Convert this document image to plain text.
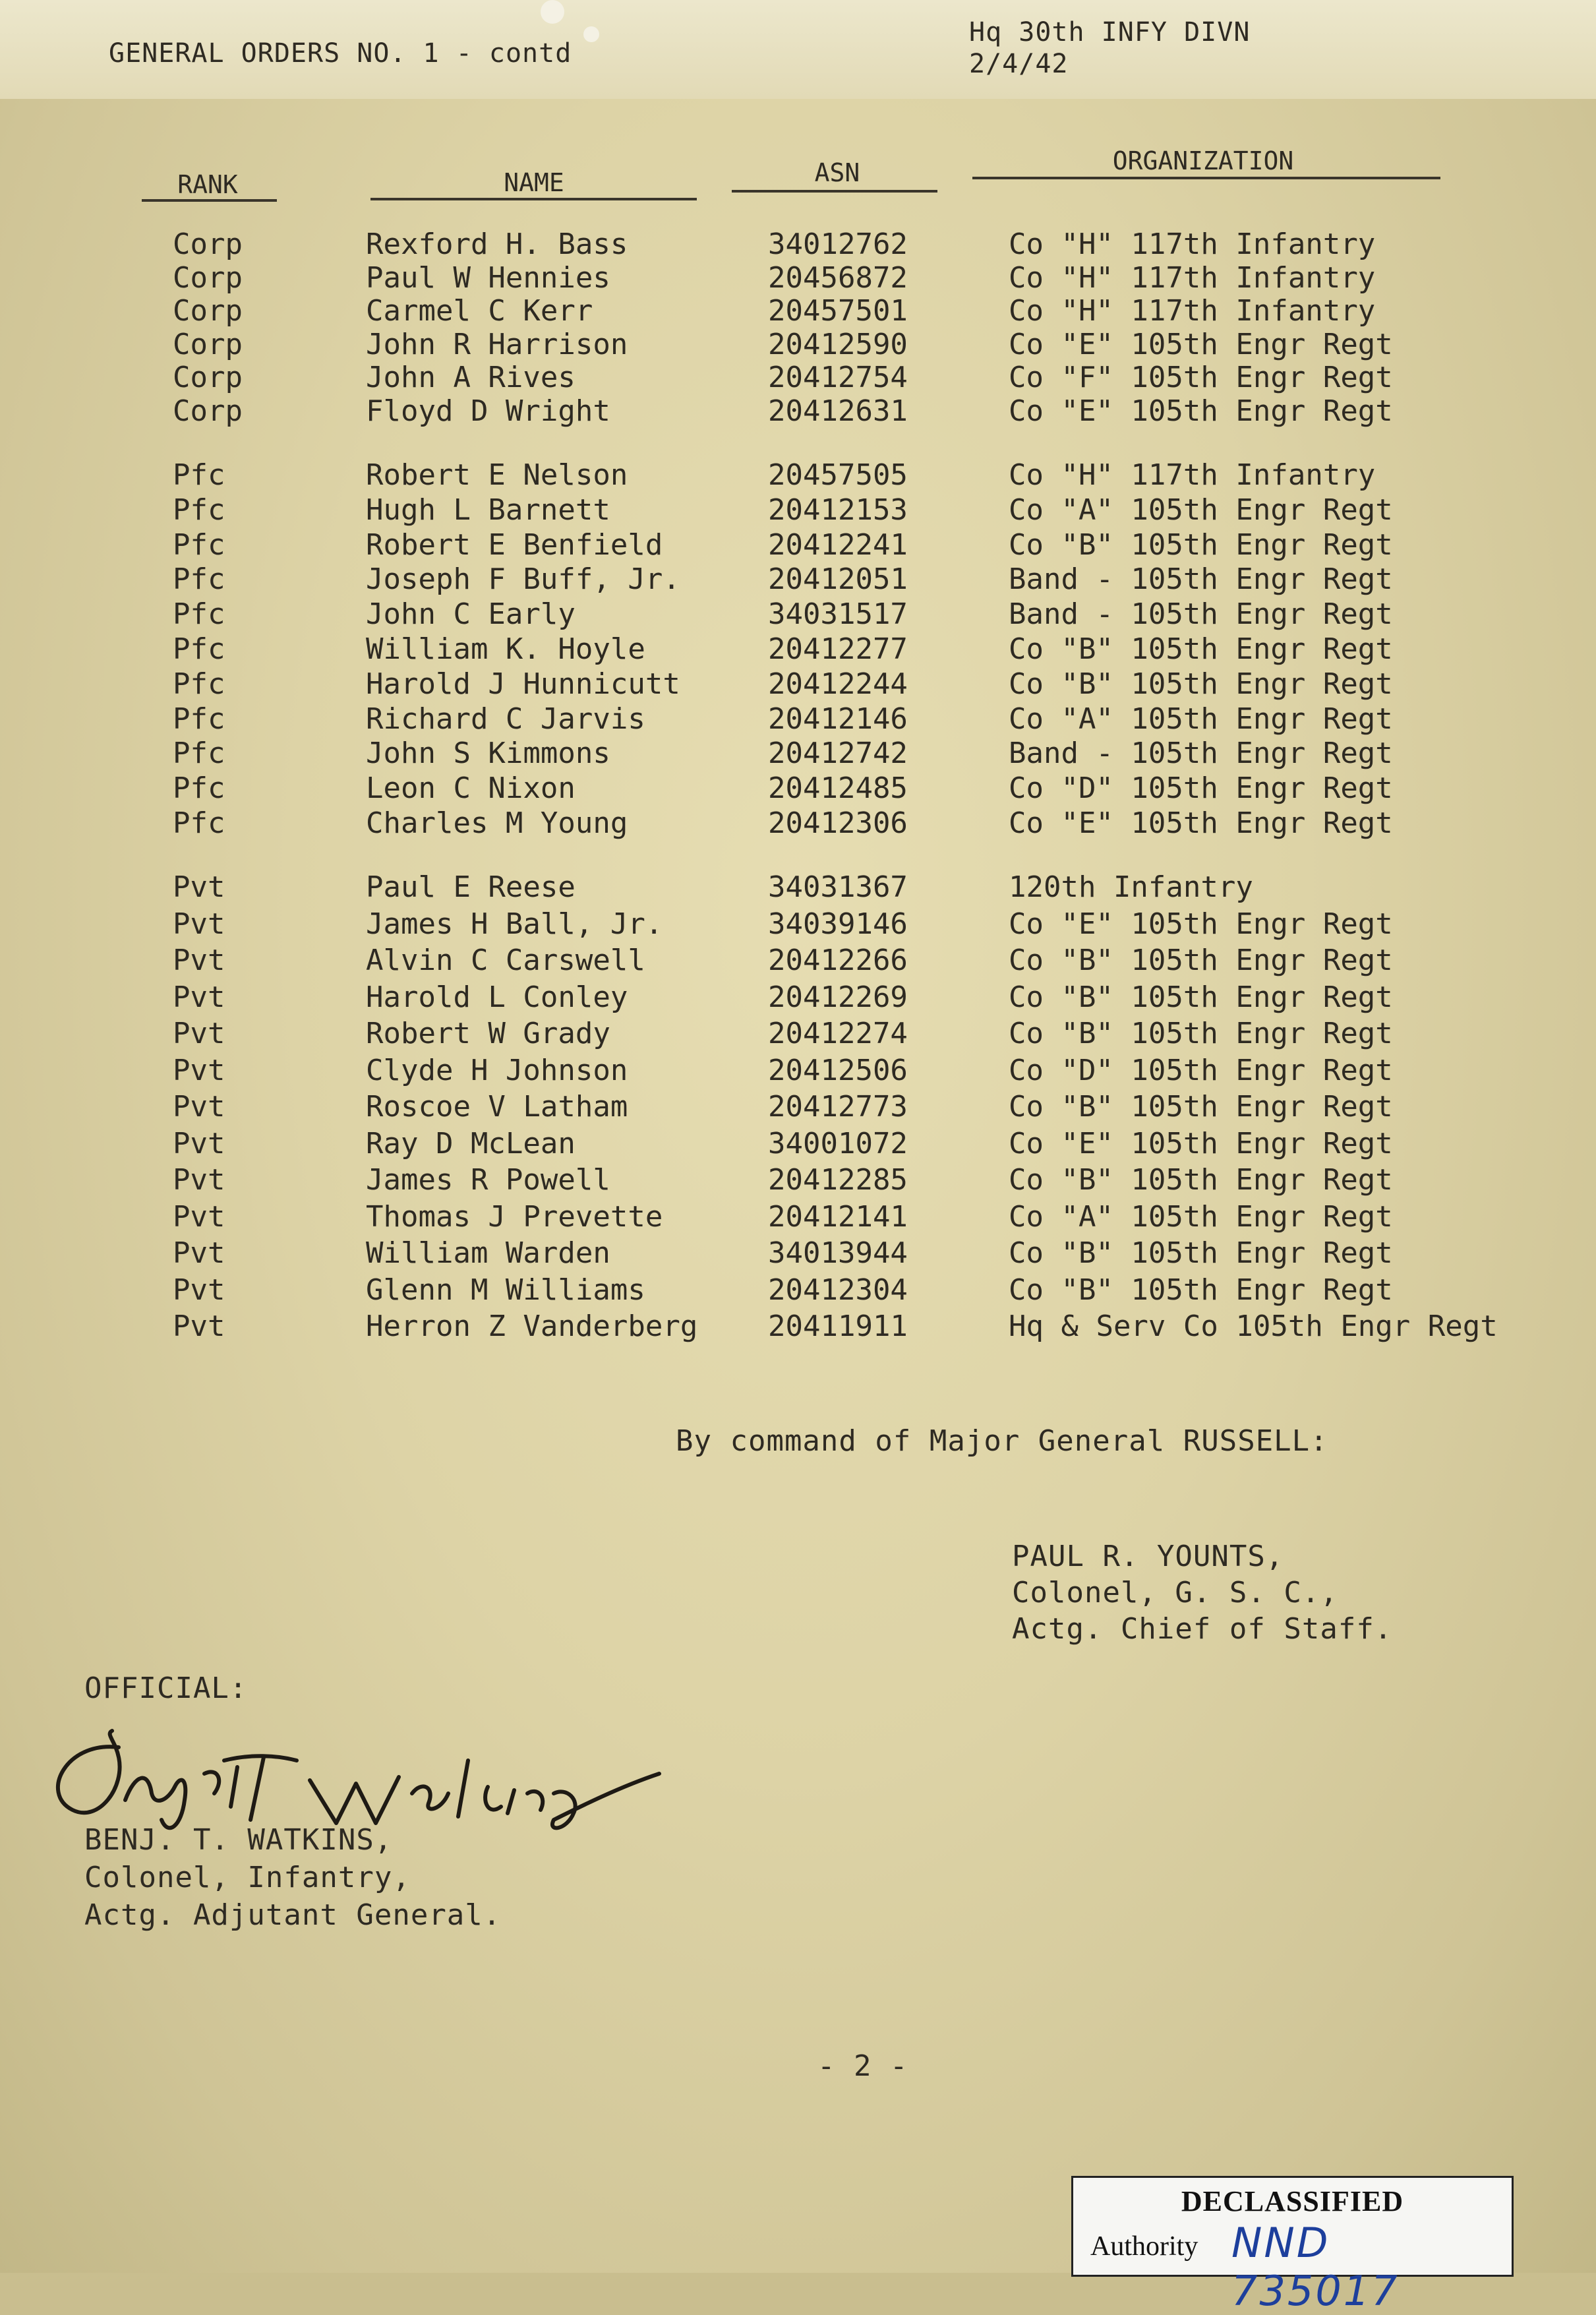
GENERAL ORDERS NO. 1 - contd
Hq 30th INFY DIVN
2/4/42
RANK	NAME	ASN	ORGANIZATION
Corp	Rexford H. Bass	34012762	Co "H" 117th Infantry
Corp	Paul W Hennies	20456872	Co "H" 117th Infantry
Corp	Carmel C Kerr	20457501	Co "H" 117th Infantry
Corp	John R Harrison	20412590	Co "E" 105th Engr Regt
Corp	John A Rives	20412754	Co "F" 105th Engr Regt
Corp	Floyd D Wright	20412631	Co "E" 105th Engr Regt
Pfc	Robert E Nelson	20457505	Co "H" 117th Infantry
Pfc	Hugh L Barnett	20412153	Co "A" 105th Engr Regt
Pfc	Robert E Benfield	20412241	Co "B" 105th Engr Regt
Pfc	Joseph F Buff, Jr.	20412051	Band - 105th Engr Regt
Pfc	John C Early	34031517	Band - 105th Engr Regt
Pfc	William K. Hoyle	20412277	Co "B" 105th Engr Regt
Pfc	Harold J Hunnicutt	20412244	Co "B" 105th Engr Regt
Pfc	Richard C Jarvis	20412146	Co "A" 105th Engr Regt
Pfc	John S Kimmons	20412742	Band - 105th Engr Regt
Pfc	Leon C Nixon	20412485	Co "D" 105th Engr Regt
Pfc	Charles M Young	20412306	Co "E" 105th Engr Regt
Pvt	Paul E Reese	34031367	120th Infantry
Pvt	James H Ball, Jr.	34039146	Co "E" 105th Engr Regt
Pvt	Alvin C Carswell	20412266	Co "B" 105th Engr Regt
Pvt	Harold L Conley	20412269	Co "B" 105th Engr Regt
Pvt	Robert W Grady	20412274	Co "B" 105th Engr Regt
Pvt	Clyde H Johnson	20412506	Co "D" 105th Engr Regt
Pvt	Roscoe V Latham	20412773	Co "B" 105th Engr Regt
Pvt	Ray D McLean	34001072	Co "E" 105th Engr Regt
Pvt	James R Powell	20412285	Co "B" 105th Engr Regt
Pvt	Thomas J Prevette	20412141	Co "A" 105th Engr Regt
Pvt	William Warden	34013944	Co "B" 105th Engr Regt
Pvt	Glenn M Williams	20412304	Co "B" 105th Engr Regt
Pvt	Herron Z Vanderberg 20411911	Hq & Serv Co 105th Engr Regt
By command of Major General RUSSELL:
PAUL R. YOUNTS,
Colonel, G. S. C.,
Actg. Chief of Staff.
OFFICIAL:
BENJ. T. WATKINS,
Colonel, Infantry,
Actg. Adjutant General.
- 2 -
DECLASSIFIED
Authority NND 735017
